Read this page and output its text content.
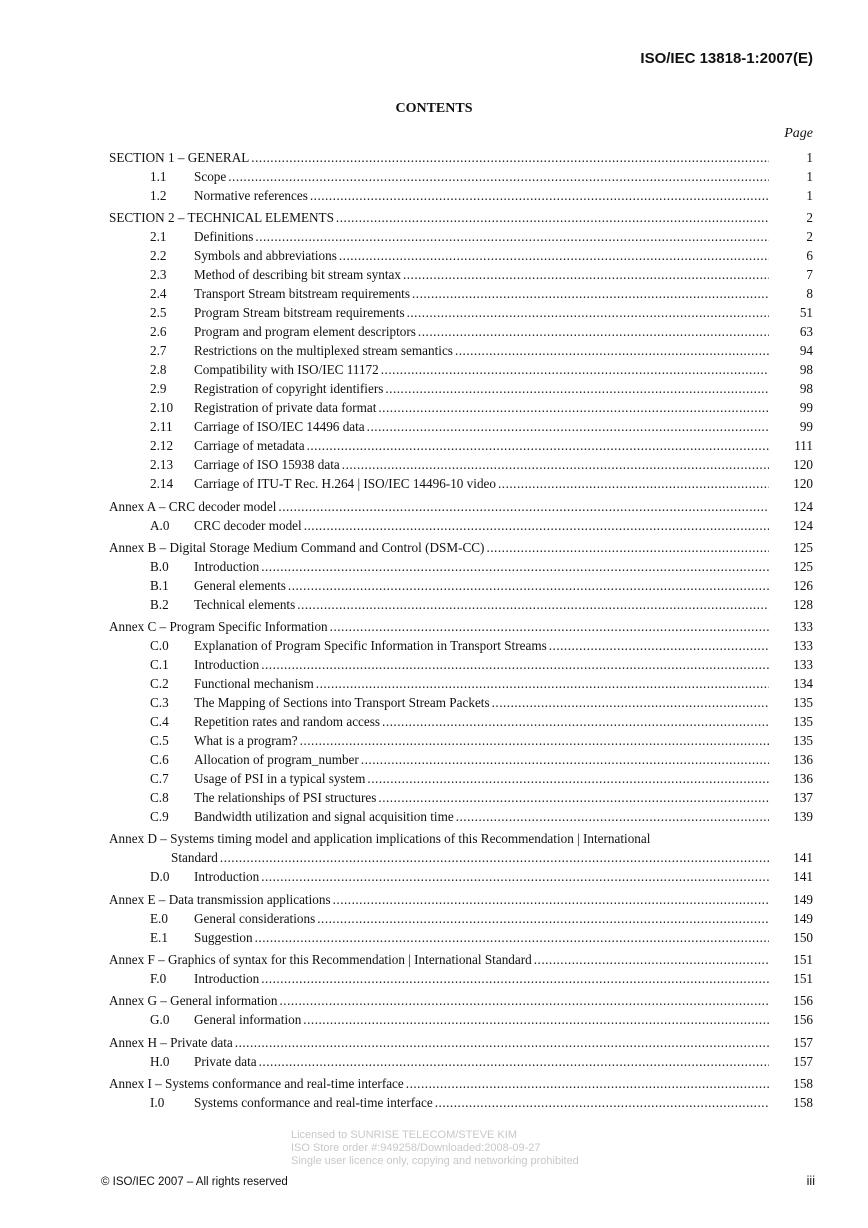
ISO/IEC 13818-1:2007(E)
CONTENTS
Page
SECTION 1 – GENERAL .....	1
1.1	Scope .....	1
1.2	Normative references .....	1
SECTION 2 – TECHNICAL ELEMENTS .....	2
2.1	Definitions .....	2
2.2	Symbols and abbreviations .....	6
2.3	Method of describing bit stream syntax .....	7
2.4	Transport Stream bitstream requirements .....	8
2.5	Program Stream bitstream requirements .....	51
2.6	Program and program element descriptors .....	63
2.7	Restrictions on the multiplexed stream semantics .....	94
2.8	Compatibility with ISO/IEC 11172 .....	98
2.9	Registration of copyright identifiers .....	98
2.10	Registration of private data format .....	99
2.11	Carriage of ISO/IEC 14496 data .....	99
2.12	Carriage of metadata .....	111
2.13	Carriage of ISO 15938 data .....	120
2.14	Carriage of ITU-T Rec. H.264 | ISO/IEC 14496-10 video .....	120
Annex A – CRC decoder model .....	124
A.0	CRC decoder model .....	124
Annex B – Digital Storage Medium Command and Control (DSM-CC) .....	125
B.0	Introduction .....	125
B.1	General elements .....	126
B.2	Technical elements .....	128
Annex C – Program Specific Information .....	133
C.0	Explanation of Program Specific Information in Transport Streams .....	133
C.1	Introduction .....	133
C.2	Functional mechanism .....	134
C.3	The Mapping of Sections into Transport Stream Packets .....	135
C.4	Repetition rates and random access .....	135
C.5	What is a program? .....	135
C.6	Allocation of program_number .....	136
C.7	Usage of PSI in a typical system .....	136
C.8	The relationships of PSI structures .....	137
C.9	Bandwidth utilization and signal acquisition time .....	139
Annex D – Systems timing model and application implications of this Recommendation | International
Standard .....	141
D.0	Introduction .....	141
Annex E – Data transmission applications .....	149
E.0	General considerations .....	149
E.1	Suggestion .....	150
Annex F – Graphics of syntax for this Recommendation | International Standard .....	151
F.0	Introduction .....	151
Annex G – General information .....	156
G.0	General information .....	156
Annex H – Private data .....	157
H.0	Private data .....	157
Annex I – Systems conformance and real-time interface .....	158
I.0	Systems conformance and real-time interface .....	158
Licensed to SUNRISE TELECOM/STEVE KIM
ISO Store order #:949258/Downloaded:2008-09-27
Single user licence only, copying and networking prohibited
© ISO/IEC 2007 – All rights reserved	iii
